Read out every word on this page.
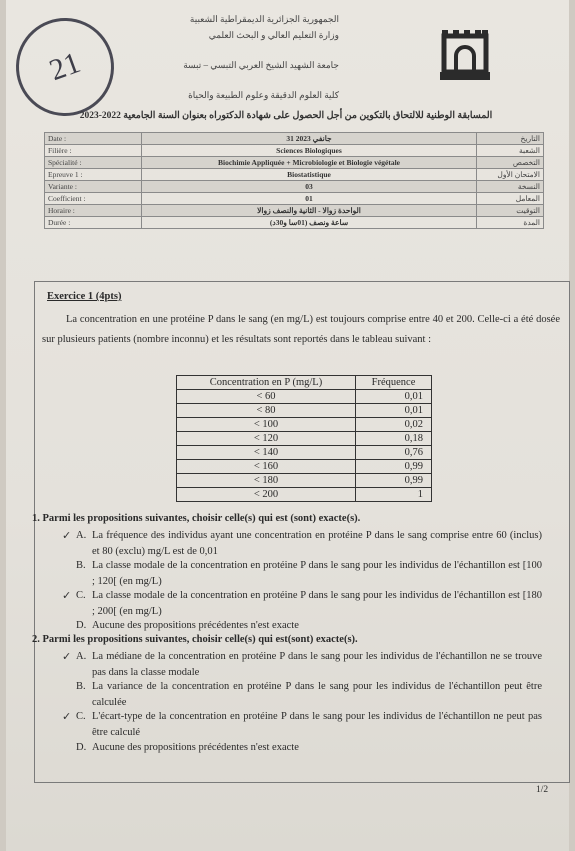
21
الجمهورية الجزائرية الديمقراطية الشعبية
وزارة التعليم العالي و البحث العلمي
جامعة الشهيد الشيخ العربي التبسي – تبسة
كلية العلوم الدقيقة وعلوم الطبيعة والحياة
المسابقة الوطنية للالتحاق بالتكوين من أجل الحصول على شهادة الدكتوراه بعنوان السنة الجامعية 2022-2023
Date :	31 جانفي 2023	التاريخ
Filière :	Sciences Biologiques	الشعبة
Spécialité :	Biochimie Appliquée + Microbiologie et Biologie végétale	التخصص
Epreuve 1 :	Biostatistique	الامتحان الأول
Variante :	03	النسخة
Coefficient :	01	المعامل
Horaire :	الواحدة زوالا - الثانية والنصف زوالا	التوقيت
Durée :	ساعة ونصف (01سا و30د)	المدة
Exercice 1 (4pts)
La concentration en une protéine P dans le sang (en mg/L) est toujours comprise entre 40 et 200. Celle-ci a été dosée sur plusieurs patients (nombre inconnu) et les résultats sont reportés dans le tableau suivant :
Concentration en P (mg/L)	Fréquence
< 60	0,01
< 80	0,01
< 100	0,02
< 120	0,18
< 140	0,76
< 160	0,99
< 180	0,99
< 200	1
1. Parmi les propositions suivantes, choisir celle(s) qui est (sont) exacte(s).
✓ A. La fréquence des individus ayant une concentration en protéine P dans le sang comprise entre 60 (inclus) et 80 (exclu) mg/L est de 0,01
B. La classe modale de la concentration en protéine P dans le sang pour les individus de l'échantillon est [100 ; 120[ (en mg/L)
✓ C. La classe modale de la concentration en protéine P dans le sang pour les individus de l'échantillon est [180 ; 200[ (en mg/L)
D. Aucune des propositions précédentes n'est exacte
2. Parmi les propositions suivantes, choisir celle(s) qui est(sont) exacte(s).
✓ A. La médiane de la concentration en protéine P dans le sang pour les individus de l'échantillon ne se trouve pas dans la classe modale
B. La variance de la concentration en protéine P dans le sang pour les individus de l'échantillon peut être calculée
✓ C. L'écart-type de la concentration en protéine P dans le sang pour les individus de l'échantillon ne peut pas être calculé
D. Aucune des propositions précédentes n'est exacte
1/2
